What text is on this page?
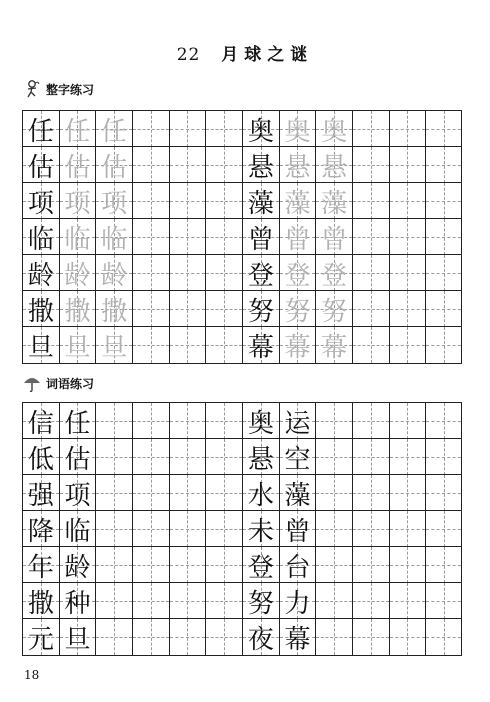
22 月球之谜
整字练习
任 任 任	奥 奥 奥
估 估 估	悬 悬 悬
项 项 项	藻 藻 藻
临 临 临	曾 曾 曾
龄 龄 龄	登 登 登
撒 撒 撒	努 努 努
旦 旦 旦	幕 幕 幕
词语练习
信 任	奥 运
低 估	悬 空
强 项	水 藻
降 临	未 曾
年 龄	登 台
撒 种	努 力
元 旦	夜 幕
18
